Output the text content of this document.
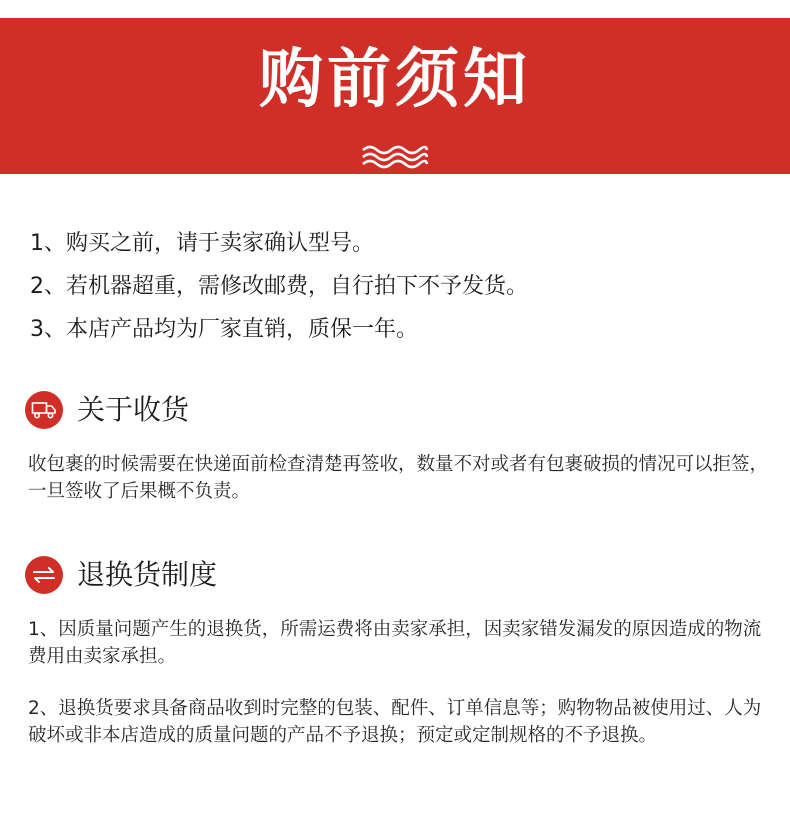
购前须知
1、购买之前，请于卖家确认型号。
2、若机器超重，需修改邮费，自行拍下不予发货。
3、本店产品均为厂家直销，质保一年。
关于收货
收包裹的时候需要在快递面前检查清楚再签收，数量不对或者有包裹破损的情况可以拒签，一旦签收了后果概不负责。
退换货制度
1、因质量问题产生的退换货，所需运费将由卖家承担，因卖家错发漏发的原因造成的物流费用由卖家承担。
2、退换货要求具备商品收到时完整的包装、配件、订单信息等；购物物品被使用过、人为破坏或非本店造成的质量问题的产品不予退换；预定或定制规格的不予退换。
